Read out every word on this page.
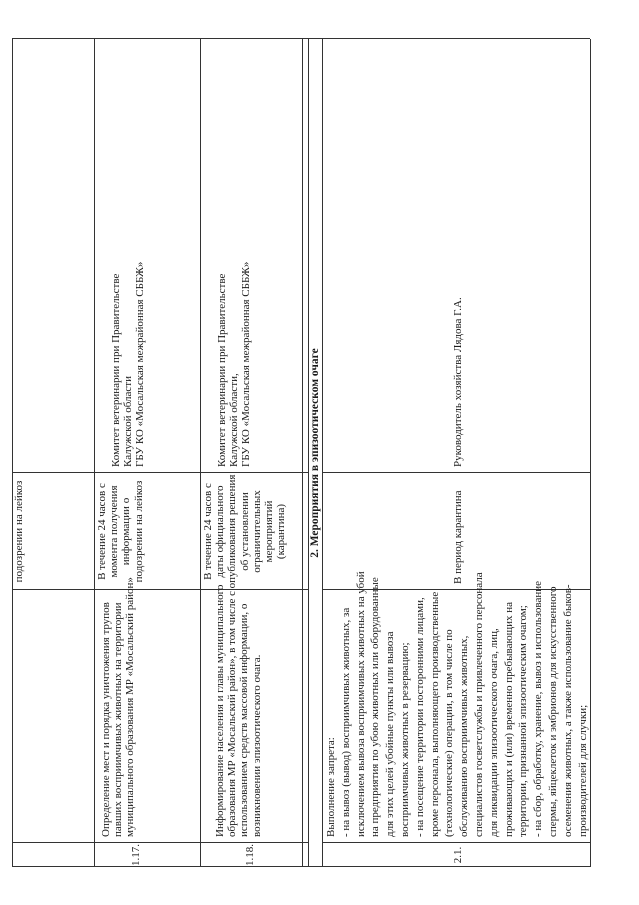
подозрении на лейкоз
1.17.
Определение мест и порядка уничтожения трупов павших восприимчивых животных на территории муниципального образования МР «Мосальский район»
В течение 24 часов с момента получения информации о подозрении на лейкоз
Комитет ветеринарии при Правительстве Калужской области ГБУ КО «Мосальская межрайонная СББЖ»
1.18.
Информирование населения и главы муниципального образования МР «Мосальский район», в том числе с использованием средств массовой информации, о возникновении эпизоотического очага.
В течение 24 часов с даты официального опубликования решения об установлении ограничительных мероприятий (карантина)
Комитет ветеринарии при Правительстве Калужской области, ГБУ КО «Мосальская межрайонная СББЖ»	2. Мероприятия в эпизоотическом очаге
2.1.
Выполнение запрета: - на вывоз (вывод) восприимчивых животных, за исключением вывоза восприимчивых животных на убой на предприятия по убою животных или оборудованные для этих целей убойные пункты или вывоза восприимчивых животных в резервацию; - на посещение территории посторонними лицами, кроме персонала, выполняющего производственные (технологические) операции, в том числе по обслуживанию восприимчивых животных, специалистов госветслужбы и привлеченного персонала для ликвидации эпизоотического очага, лиц, проживающих и (или) временно пребывающих на территории, признанной эпизоотическим очагом; - на сбор, обработку, хранение, вывоз и использование спермы, яйцеклеток и эмбрионов для искусственного осеменения животных, а также использование быков- производителей для случки;
В период карантина
Руководитель хозяйства Лядова Г.А.
